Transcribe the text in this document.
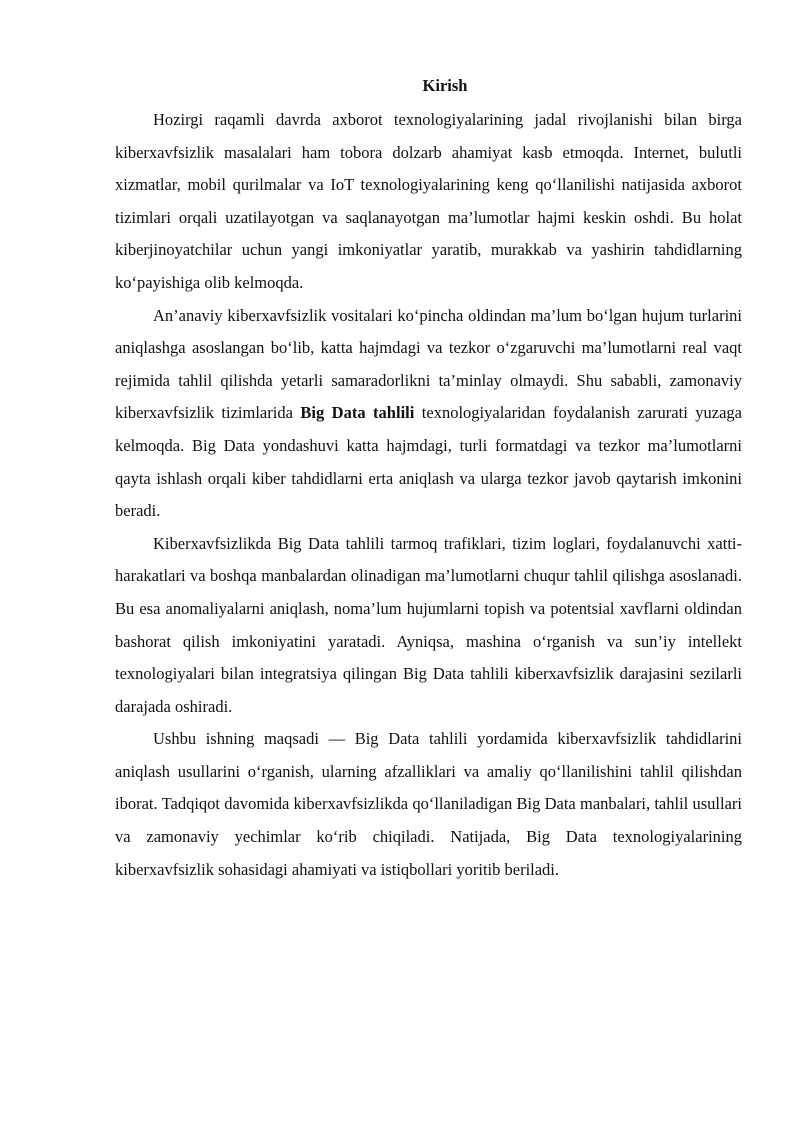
Kirish

Hozirgi raqamli davrda axborot texnologiyalarining jadal rivojlanishi bilan birga kiberxavfsizlik masalalari ham tobora dolzarb ahamiyat kasb etmoqda. Internet, bulutli xizmatlar, mobil qurilmalar va IoT texnologiyalarining keng qo‘llanilishi natijasida axborot tizimlari orqali uzatilayotgan va saqlanayotgan ma’lumotlar hajmi keskin oshdi. Bu holat kiberjinoyatchilar uchun yangi imkoniyatlar yaratib, murakkab va yashirin tahdidlarning ko‘payishiga olib kelmoqda.

An’anaviy kiberxavfsizlik vositalari ko‘pincha oldindan ma’lum bo‘lgan hujum turlarini aniqlashga asoslangan bo‘lib, katta hajmdagi va tezkor o‘zgaruvchi ma’lumotlarni real vaqt rejimida tahlil qilishda yetarli samaradorlikni ta’minlay olmaydi. Shu sababli, zamonaviy kiberxavfsizlik tizimlarida Big Data tahlili texnologiyalaridan foydalanish zarurati yuzaga kelmoqda. Big Data yondashuvi katta hajmdagi, turli formatdagi va tezkor ma’lumotlarni qayta ishlash orqali kiber tahdidlarni erta aniqlash va ularga tezkor javob qaytarish imkonini beradi.

Kiberxavfsizlikda Big Data tahlili tarmoq trafiklari, tizim loglari, foydalanuvchi xatti-harakatlari va boshqa manbalardan olinadigan ma’lumotlarni chuqur tahlil qilishga asoslanadi. Bu esa anomaliyalarni aniqlash, noma’lum hujumlarni topish va potentsial xavflarni oldindan bashorat qilish imkoniyatini yaratadi. Ayniqsa, mashina o‘rganish va sun’iy intellekt texnologiyalari bilan integratsiya qilingan Big Data tahlili kiberxavfsizlik darajasini sezilarli darajada oshiradi.

Ushbu ishning maqsadi — Big Data tahlili yordamida kiberxavfsizlik tahdidlarini aniqlash usullarini o‘rganish, ularning afzalliklari va amaliy qo‘llanilishini tahlil qilishdan iborat. Tadqiqot davomida kiberxavfsizlikda qo‘llaniladigan Big Data manbalari, tahlil usullari va zamonaviy yechimlar ko‘rib chiqiladi. Natijada, Big Data texnologiyalarining kiberxavfsizlik sohasidagi ahamiyati va istiqbollari yoritib beriladi.
